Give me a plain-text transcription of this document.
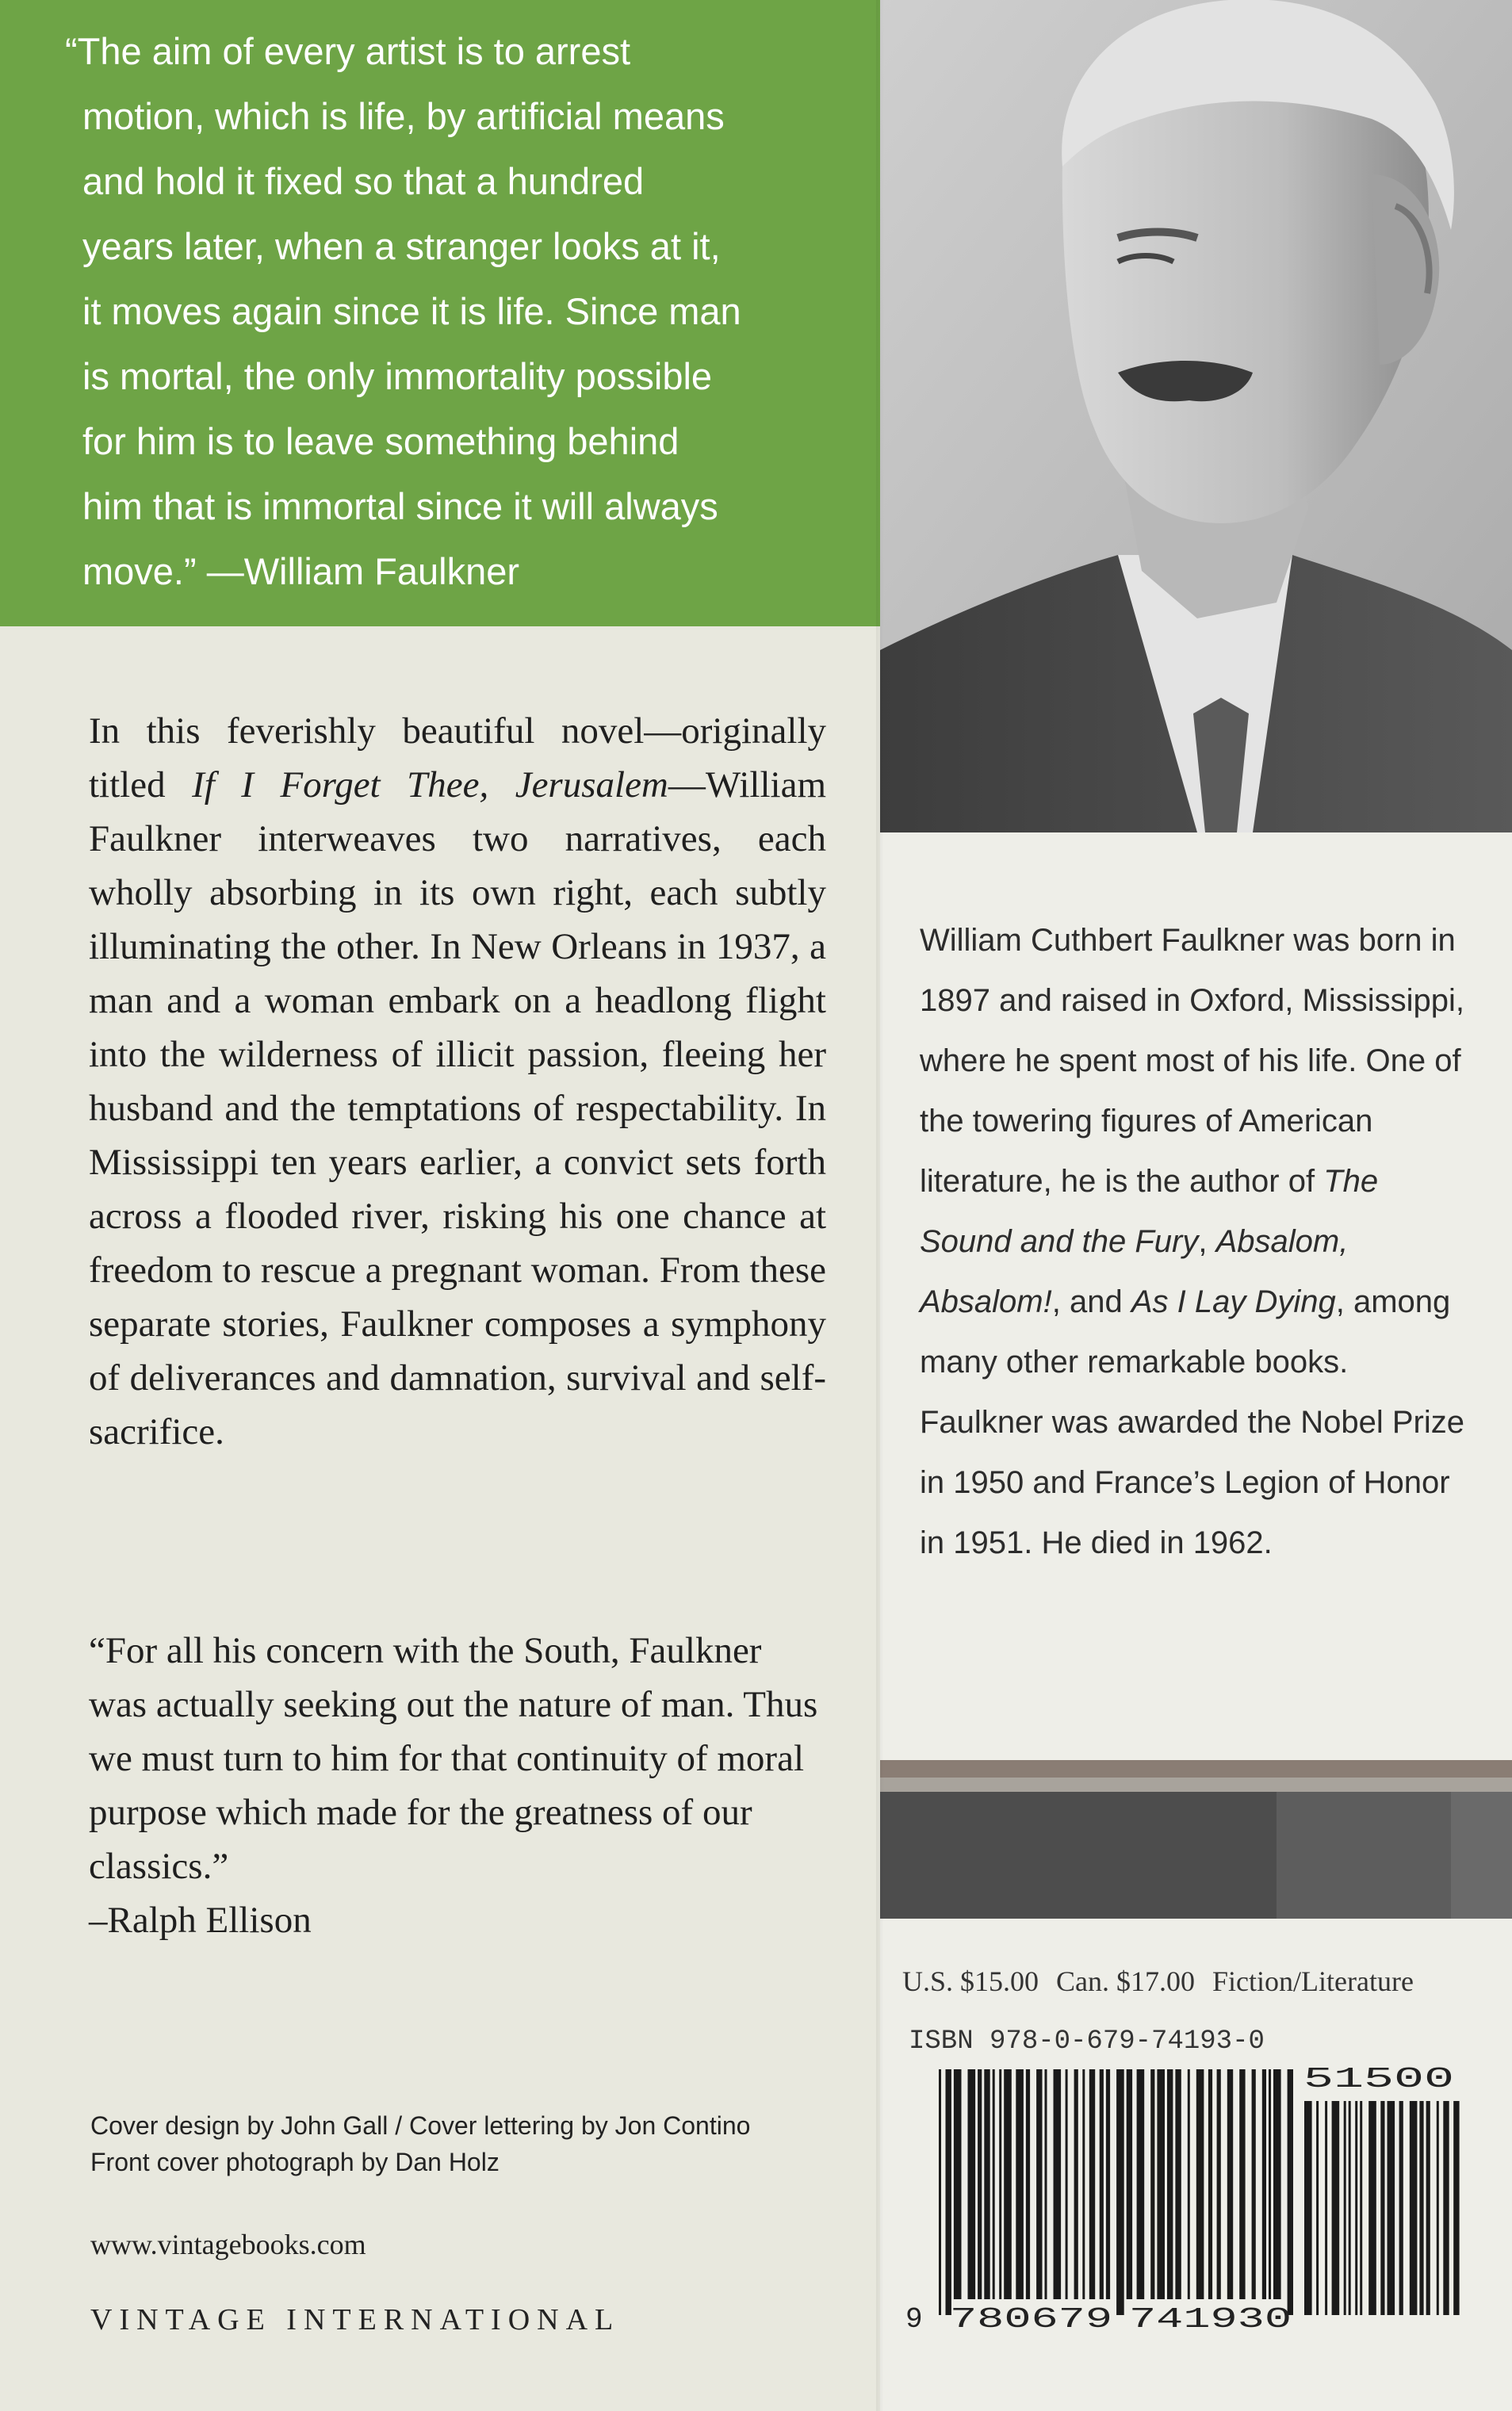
“The aim of every artist is to arrest
motion, which is life, by artificial means
and hold it fixed so that a hundred
years later, when a stranger looks at it,
it moves again since it is life. Since man
is mortal, the only immortality possible
for him is to leave something behind
him that is immortal since it will always
move.” —William Faulkner

In this feverishly beautiful novel—originally titled If I Forget Thee, Jerusalem—William Faulkner interweaves two narratives, each wholly absorbing in its own right, each subtly illuminating the other. In New Orleans in 1937, a man and a woman embark on a headlong flight into the wilderness of illicit passion, fleeing her husband and the temptations of respectability. In Mississippi ten years earlier, a convict sets forth across a flooded river, risking his one chance at freedom to rescue a pregnant woman. From these separate stories, Faulkner composes a symphony of deliverances and damnation, survival and self-sacrifice.

“For all his concern with the South, Faulkner was actually seeking out the nature of man. Thus we must turn to him for that continuity of moral purpose which made for the greatness of our classics.”
–Ralph Ellison
Cover design by John Gall / Cover lettering by Jon Contino
Front cover photograph by Dan Holz

www.vintagebooks.com

VINTAGE INTERNATIONAL

William Cuthbert Faulkner was born in 1897 and raised in Oxford, Mississippi, where he spent most of his life. One of the towering figures of American literature, he is the author of The Sound and the Fury, Absalom, Absalom!, and As I Lay Dying, among many other remarkable books. Faulkner was awarded the Nobel Prize in 1950 and France’s Legion of Honor in 1951. He died in 1962.

U.S. $15.00 Can. $17.00 Fiction/Literature

ISBN 978-0-679-74193-0

9 780679 741930
51500
